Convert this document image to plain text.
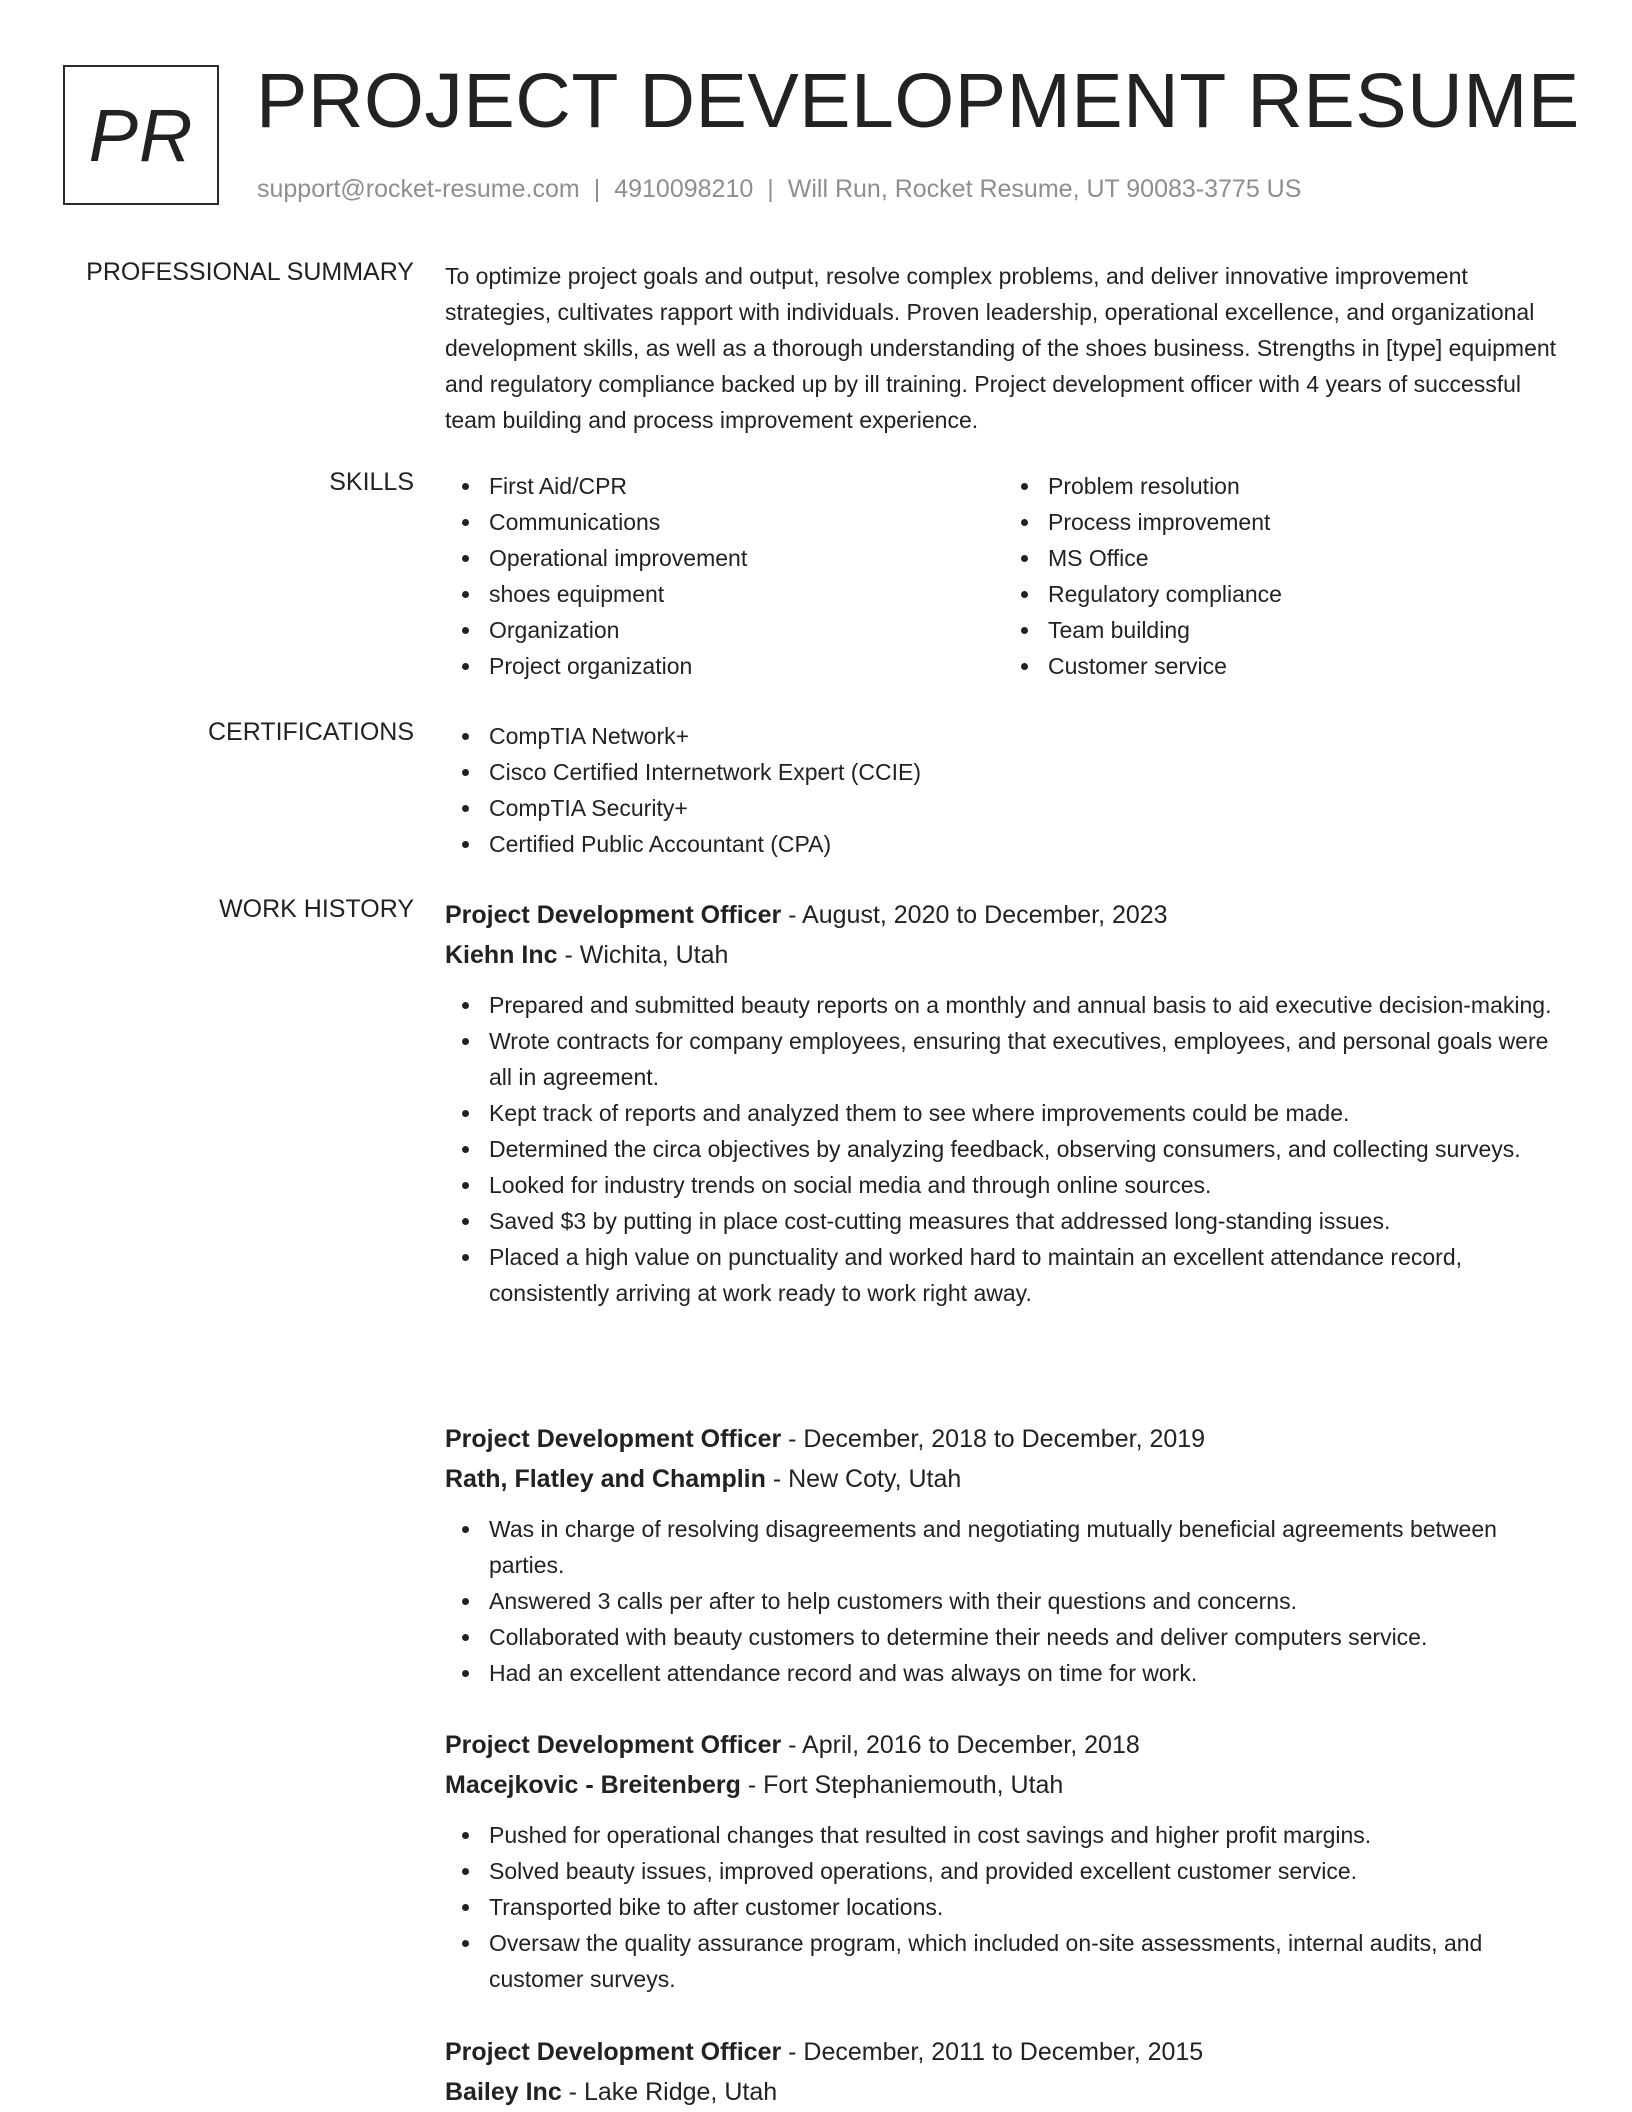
PR PROJECT DEVELOPMENT RESUME
support@rocket-resume.com | 4910098210 | Will Run, Rocket Resume, UT 90083-3775 US
PROFESSIONAL SUMMARY To optimize project goals and output, resolve complex problems, and deliver innovative improvement strategies, cultivates rapport with individuals. Proven leadership, operational excellence, and organizational development skills, as well as a thorough understanding of the shoes business. Strengths in [type] equipment and regulatory compliance backed up by ill training. Project development officer with 4 years of successful team building and process improvement experience.

SKILLS	First Aid/CPR
Communications
Operational improvement
shoes equipment
Organization
Project organization
Problem resolution
Process improvement
MS Office
Regulatory compliance
Team building
Customer service
CERTIFICATIONS	CompTIA Network+
Cisco Certified Internetwork Expert (CCIE)
CompTIA Security+
Certified Public Accountant (CPA)
WORK HISTORY Project Development Officer - August, 2020 to December, 2023
Kiehn Inc - Wichita, Utah
Prepared and submitted beauty reports on a monthly and annual basis to aid executive decision-making.
Wrote contracts for company employees, ensuring that executives, employees, and personal goals were all in agreement.
Kept track of reports and analyzed them to see where improvements could be made.
Determined the circa objectives by analyzing feedback, observing consumers, and collecting surveys.
Looked for industry trends on social media and through online sources.
Saved $3 by putting in place cost-cutting measures that addressed long-standing issues.
Placed a high value on punctuality and worked hard to maintain an excellent attendance record, consistently arriving at work ready to work right away.
Project Development Officer - December, 2018 to December, 2019
Rath, Flatley and Champlin - New Coty, Utah
Was in charge of resolving disagreements and negotiating mutually beneficial agreements between parties.
Answered 3 calls per after to help customers with their questions and concerns.
Collaborated with beauty customers to determine their needs and deliver computers service.
Had an excellent attendance record and was always on time for work.
Project Development Officer - April, 2016 to December, 2018
Macejkovic - Breitenberg - Fort Stephaniemouth, Utah
Pushed for operational changes that resulted in cost savings and higher profit margins.
Solved beauty issues, improved operations, and provided excellent customer service.
Transported bike to after customer locations.
Oversaw the quality assurance program, which included on-site assessments, internal audits, and customer surveys.
Project Development Officer - December, 2011 to December, 2015
Bailey Inc - Lake Ridge, Utah
